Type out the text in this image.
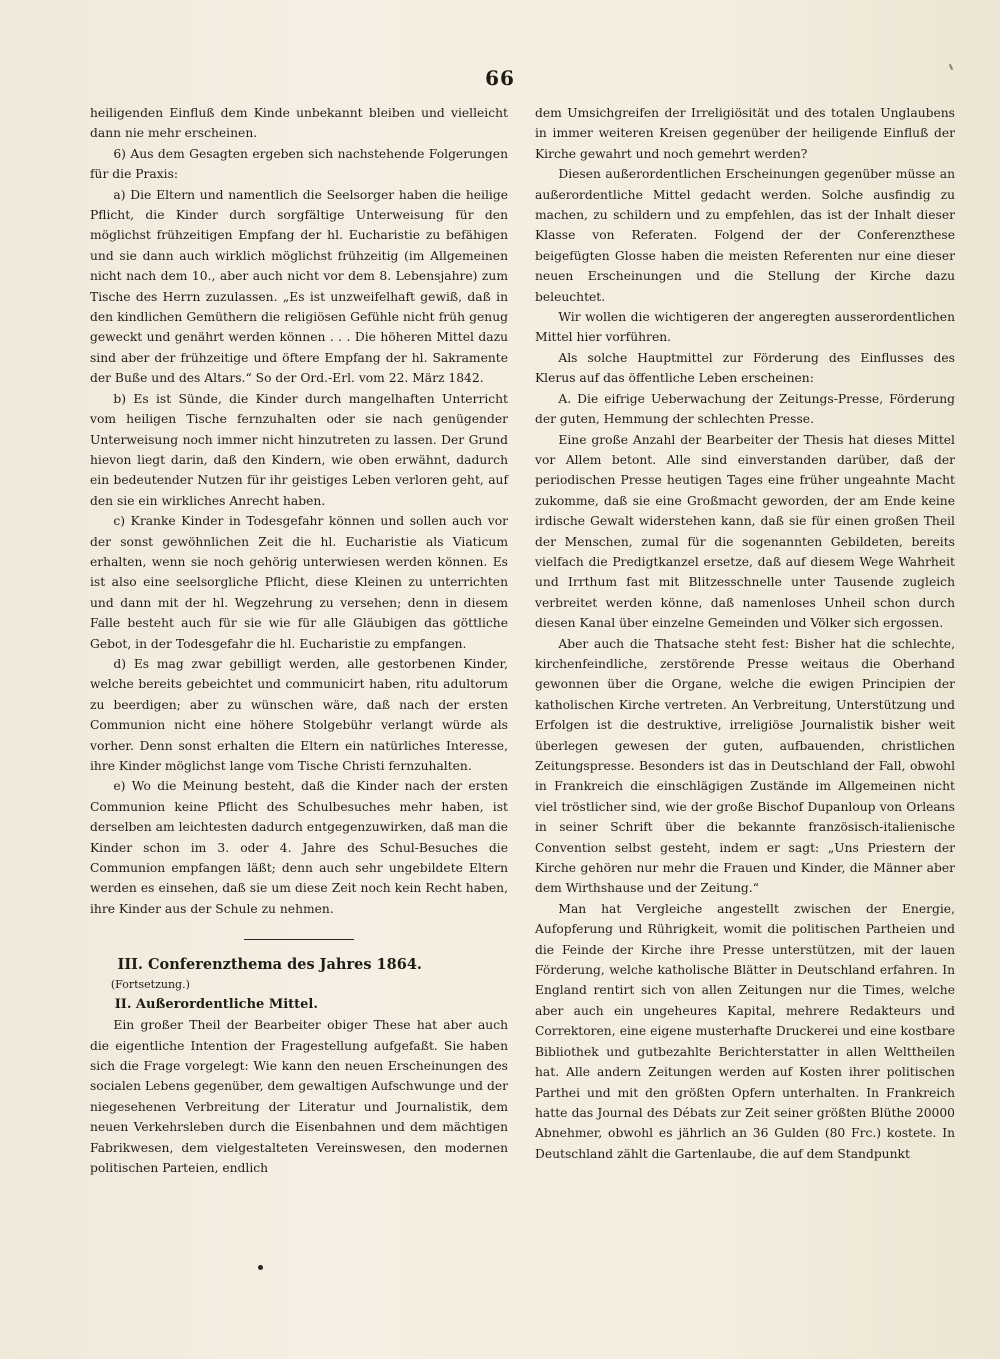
66

heiligenden Einfluß dem Kinde unbekannt bleiben und vielleicht dann nie mehr erscheinen.

6) Aus dem Gesagten ergeben sich nachstehende Folgerungen für die Praxis:

a) Die Eltern und namentlich die Seelsorger haben die heilige Pflicht, die Kinder durch sorgfältige Unterweisung für den möglichst frühzeitigen Empfang der hl. Eucharistie zu befähigen und sie dann auch wirklich möglichst frühzeitig (im Allgemeinen nicht nach dem 10., aber auch nicht vor dem 8. Lebensjahre) zum Tische des Herrn zuzulassen. „Es ist unzweifelhaft gewiß, daß in den kindlichen Gemüthern die religiösen Gefühle nicht früh genug geweckt und genährt werden können . . . Die höheren Mittel dazu sind aber der frühzeitige und öftere Empfang der hl. Sakramente der Buße und des Altars.“ So der Ord.-Erl. vom 22. März 1842.

b) Es ist Sünde, die Kinder durch mangelhaften Unterricht vom heiligen Tische fernzuhalten oder sie nach genügender Unterweisung noch immer nicht hinzutreten zu lassen. Der Grund hievon liegt darin, daß den Kindern, wie oben erwähnt, dadurch ein bedeutender Nutzen für ihr geistiges Leben verloren geht, auf den sie ein wirkliches Anrecht haben.

c) Kranke Kinder in Todesgefahr können und sollen auch vor der sonst gewöhnlichen Zeit die hl. Eucharistie als Viaticum erhalten, wenn sie noch gehörig unterwiesen werden können. Es ist also eine seelsorgliche Pflicht, diese Kleinen zu unterrichten und dann mit der hl. Wegzehrung zu versehen; denn in diesem Falle besteht auch für sie wie für alle Gläubigen das göttliche Gebot, in der Todesgefahr die hl. Eucharistie zu empfangen.

d) Es mag zwar gebilligt werden, alle gestorbenen Kinder, welche bereits gebeichtet und communicirt haben, ritu adultorum zu beerdigen; aber zu wünschen wäre, daß nach der ersten Communion nicht eine höhere Stolgebühr verlangt würde als vorher. Denn sonst erhalten die Eltern ein natürliches Interesse, ihre Kinder möglichst lange vom Tische Christi fernzuhalten.

e) Wo die Meinung besteht, daß die Kinder nach der ersten Communion keine Pflicht des Schulbesuches mehr haben, ist derselben am leichtesten dadurch entgegenzuwirken, daß man die Kinder schon im 3. oder 4. Jahre des Schul-Besuches die Communion empfangen läßt; denn auch sehr ungebildete Eltern werden es einsehen, daß sie um diese Zeit noch kein Recht haben, ihre Kinder aus der Schule zu nehmen.

III. Conferenzthema des Jahres 1864.

(Fortsetzung.)

II. Außerordentliche Mittel.

Ein großer Theil der Bearbeiter obiger These hat aber auch die eigentliche Intention der Fragestellung aufgefaßt. Sie haben sich die Frage vorgelegt: Wie kann den neuen Erscheinungen des socialen Lebens gegenüber, dem gewaltigen Aufschwunge und der niegesehenen Verbreitung der Literatur und Journalistik, dem neuen Verkehrsleben durch die Eisenbahnen und dem mächtigen Fabrikwesen, dem vielgestalteten Vereinswesen, den modernen politischen Parteien, endlich

dem Umsichgreifen der Irreligiösität und des totalen Unglaubens in immer weiteren Kreisen gegenüber der heiligende Einfluß der Kirche gewahrt und noch gemehrt werden?

Diesen außerordentlichen Erscheinungen gegenüber müsse an außerordentliche Mittel gedacht werden. Solche ausfindig zu machen, zu schildern und zu empfehlen, das ist der Inhalt dieser Klasse von Referaten. Folgend der der Conferenzthese beigefügten Glosse haben die meisten Referenten nur eine dieser neuen Erscheinungen und die Stellung der Kirche dazu beleuchtet.

Wir wollen die wichtigeren der angeregten ausserordentlichen Mittel hier vorführen.

Als solche Hauptmittel zur Förderung des Einflusses des Klerus auf das öffentliche Leben erscheinen:

A. Die eifrige Ueberwachung der Zeitungs-Presse, Förderung der guten, Hemmung der schlechten Presse.

Eine große Anzahl der Bearbeiter der Thesis hat dieses Mittel vor Allem betont. Alle sind einverstanden darüber, daß der periodischen Presse heutigen Tages eine früher ungeahnte Macht zukomme, daß sie eine Großmacht geworden, der am Ende keine irdische Gewalt widerstehen kann, daß sie für einen großen Theil der Menschen, zumal für die sogenannten Gebildeten, bereits vielfach die Predigtkanzel ersetze, daß auf diesem Wege Wahrheit und Irrthum fast mit Blitzesschnelle unter Tausende zugleich verbreitet werden könne, daß namenloses Unheil schon durch diesen Kanal über einzelne Gemeinden und Völker sich ergossen.

Aber auch die Thatsache steht fest: Bisher hat die schlechte, kirchenfeindliche, zerstörende Presse weitaus die Oberhand gewonnen über die Organe, welche die ewigen Principien der katholischen Kirche vertreten. An Verbreitung, Unterstützung und Erfolgen ist die destruktive, irreligiöse Journalistik bisher weit überlegen gewesen der guten, aufbauenden, christlichen Zeitungspresse. Besonders ist das in Deutschland der Fall, obwohl in Frankreich die einschlägigen Zustände im Allgemeinen nicht viel tröstlicher sind, wie der große Bischof Dupanloup von Orleans in seiner Schrift über die bekannte französisch-italienische Convention selbst gesteht, indem er sagt: „Uns Priestern der Kirche gehören nur mehr die Frauen und Kinder, die Männer aber dem Wirthshause und der Zeitung.“

Man hat Vergleiche angestellt zwischen der Energie, Aufopferung und Rührigkeit, womit die politischen Partheien und die Feinde der Kirche ihre Presse unterstützen, mit der lauen Förderung, welche katholische Blätter in Deutschland erfahren. In England rentirt sich von allen Zeitungen nur die Times, welche aber auch ein ungeheures Kapital, mehrere Redakteurs und Correktoren, eine eigene musterhafte Druckerei und eine kostbare Bibliothek und gutbezahlte Berichterstatter in allen Welttheilen hat. Alle andern Zeitungen werden auf Kosten ihrer politischen Parthei und mit den größten Opfern unterhalten. In Frankreich hatte das Journal des Débats zur Zeit seiner größten Blüthe 20000 Abnehmer, obwohl es jährlich an 36 Gulden (80 Frc.) kostete. In Deutschland zählt die Gartenlaube, die auf dem Standpunkt
